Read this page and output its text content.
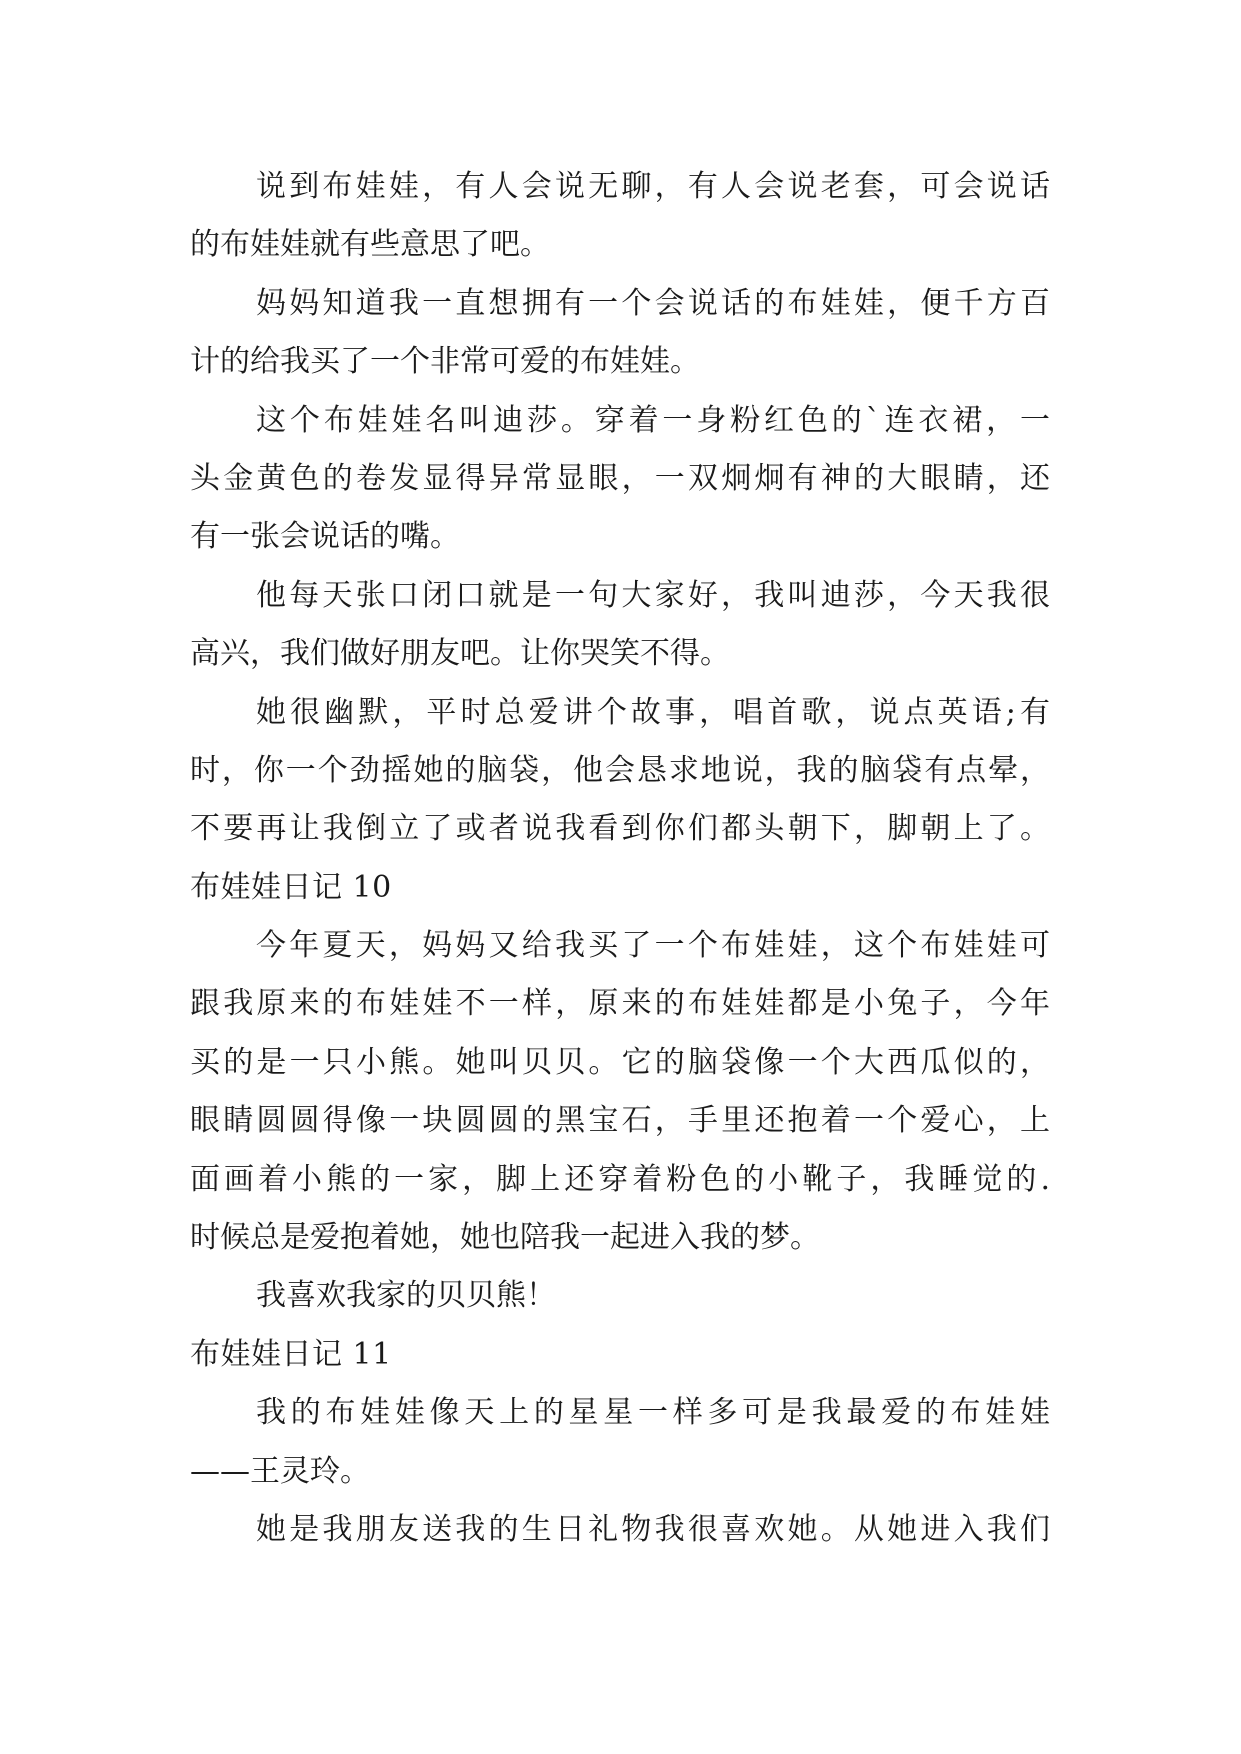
说到布娃娃，有人会说无聊，有人会说老套，可会说话
的布娃娃就有些意思了吧。
妈妈知道我一直想拥有一个会说话的布娃娃，便千方百
计的给我买了一个非常可爱的布娃娃。
这个布娃娃名叫迪莎。穿着一身粉红色的`连衣裙，一
头金黄色的卷发显得异常显眼，一双炯炯有神的大眼睛，还
有一张会说话的嘴。
他每天张口闭口就是一句大家好，我叫迪莎，今天我很
高兴，我们做好朋友吧。让你哭笑不得。
她很幽默，平时总爱讲个故事，唱首歌，说点英语;有
时，你一个劲摇她的脑袋，他会恳求地说，我的脑袋有点晕，
不要再让我倒立了或者说我看到你们都头朝下，脚朝上了。
布娃娃日记 10
今年夏天，妈妈又给我买了一个布娃娃，这个布娃娃可
跟我原来的布娃娃不一样，原来的布娃娃都是小兔子，今年
买的是一只小熊。她叫贝贝。它的脑袋像一个大西瓜似的，
眼睛圆圆得像一块圆圆的黑宝石，手里还抱着一个爱心，上
面画着小熊的一家，脚上还穿着粉色的小靴子，我睡觉的.
时候总是爱抱着她，她也陪我一起进入我的梦。
我喜欢我家的贝贝熊！
布娃娃日记 11
我的布娃娃像天上的星星一样多可是我最爱的布娃娃
——王灵玲。
她是我朋友送我的生日礼物我很喜欢她。从她进入我们
